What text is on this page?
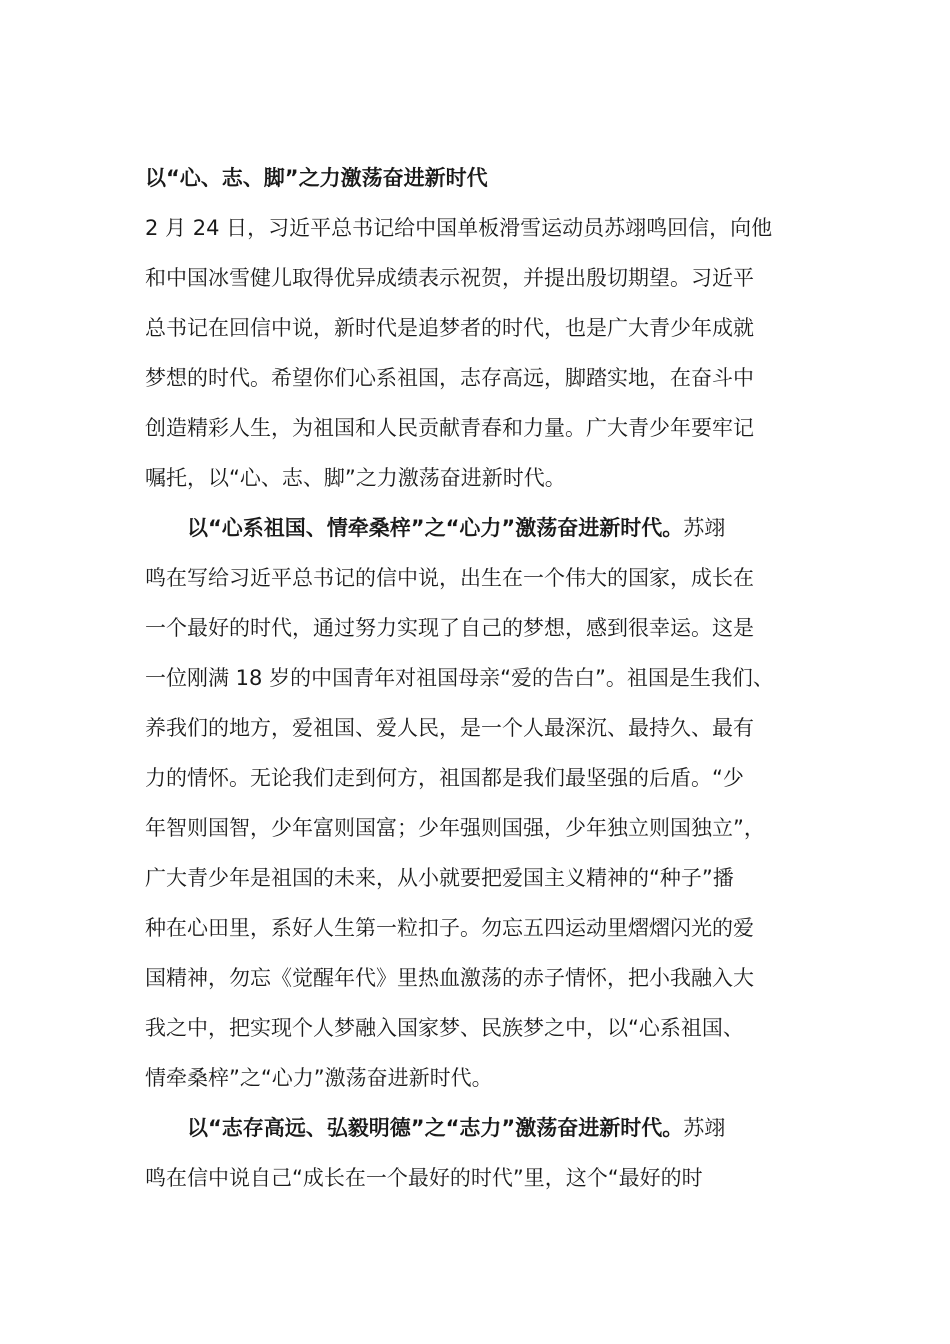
以“心、志、脚”之力激荡奋进新时代
2 月 24 日，习近平总书记给中国单板滑雪运动员苏翊鸣回信，向他
和中国冰雪健儿取得优异成绩表示祝贺，并提出殷切期望。习近平
总书记在回信中说，新时代是追梦者的时代，也是广大青少年成就
梦想的时代。希望你们心系祖国，志存高远，脚踏实地，在奋斗中
创造精彩人生，为祖国和人民贡献青春和力量。广大青少年要牢记
嘱托，以“心、志、脚”之力激荡奋进新时代。
以“心系祖国、情牵桑梓”之“心力”激荡奋进新时代。苏翊
鸣在写给习近平总书记的信中说，出生在一个伟大的国家，成长在
一个最好的时代，通过努力实现了自己的梦想，感到很幸运。这是
一位刚满 18 岁的中国青年对祖国母亲“爱的告白”。祖国是生我们、
养我们的地方，爱祖国、爱人民，是一个人最深沉、最持久、最有
力的情怀。无论我们走到何方，祖国都是我们最坚强的后盾。“少
年智则国智，少年富则国富；少年强则国强，少年独立则国独立”，
广大青少年是祖国的未来，从小就要把爱国主义精神的“种子”播
种在心田里，系好人生第一粒扣子。勿忘五四运动里熠熠闪光的爱
国精神，勿忘《觉醒年代》里热血激荡的赤子情怀，把小我融入大
我之中，把实现个人梦融入国家梦、民族梦之中，以“心系祖国、
情牵桑梓”之“心力”激荡奋进新时代。
以“志存高远、弘毅明德”之“志力”激荡奋进新时代。苏翊
鸣在信中说自己“成长在一个最好的时代”里，这个“最好的时
